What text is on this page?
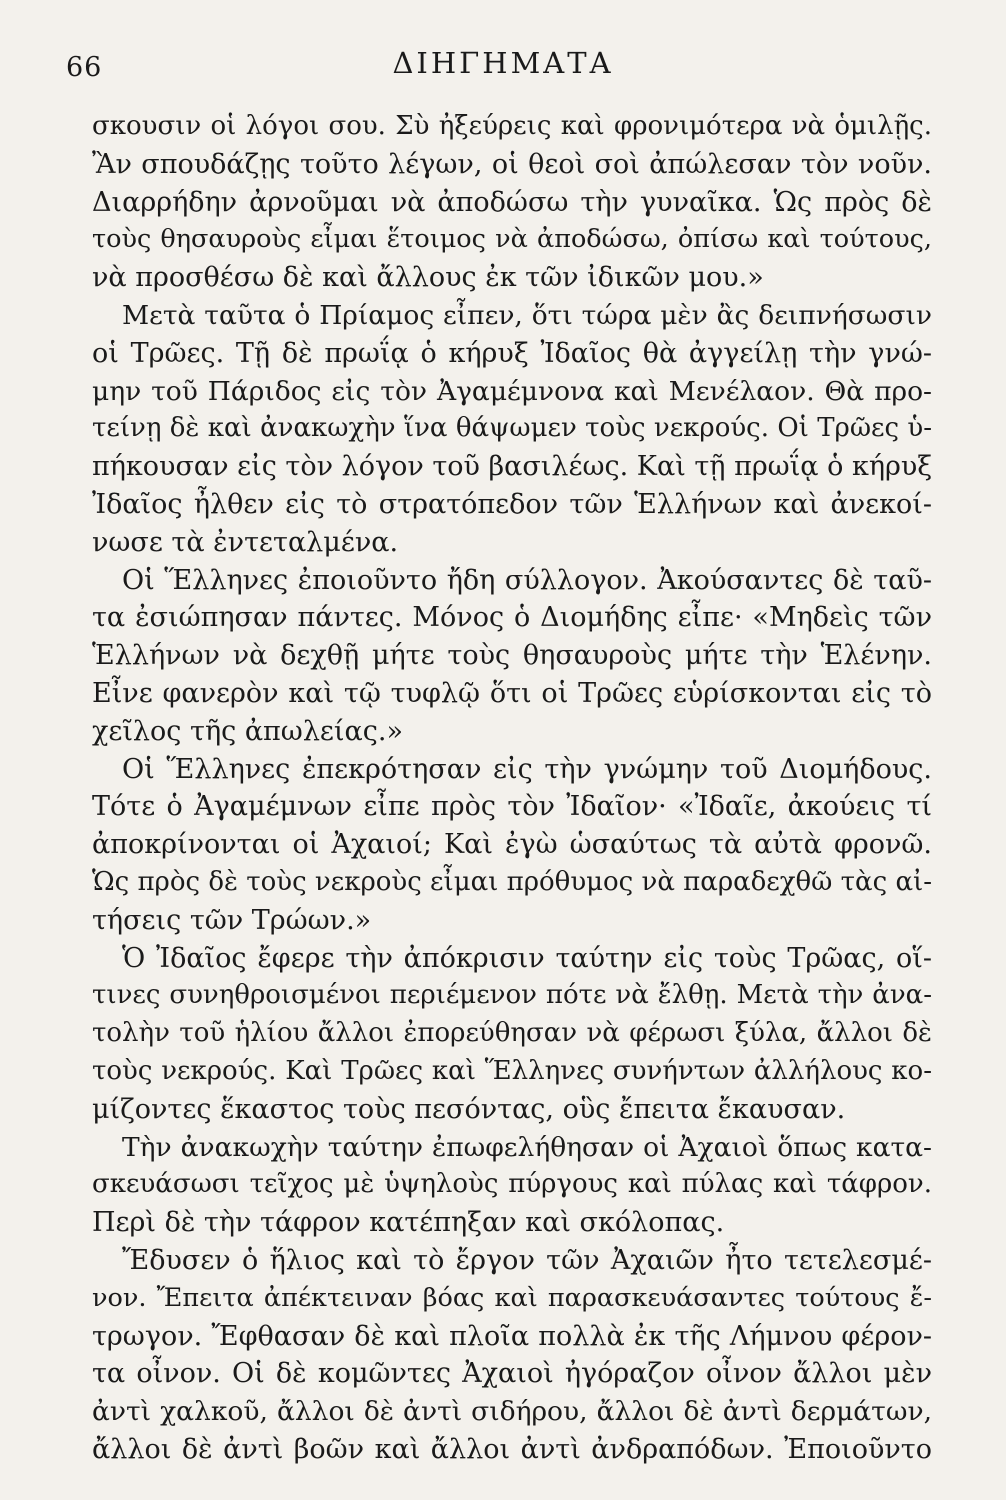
66	ΔΙΗΓΗΜΑΤΑ
σκουσιν οἱ λόγοι σου. Σὺ ἠξεύρεις καὶ φρονιμότερα νὰ ὁμιλῇς.
Ἂν σπουδάζῃς τοῦτο λέγων, οἱ θεοὶ σοὶ ἀπώλεσαν τὸν νοῦν.
Διαρρήδην ἀρνοῦμαι νὰ ἀποδώσω τὴν γυναῖκα. Ὡς πρὸς δὲ
τοὺς θησαυροὺς εἶμαι ἕτοιμος νὰ ἀποδώσω, ὀπίσω καὶ τούτους,
νὰ προσθέσω δὲ καὶ ἄλλους ἐκ τῶν ἰδικῶν μου.»
Μετὰ ταῦτα ὁ Πρίαμος εἶπεν, ὅτι τώρα μὲν ἂς δειπνήσωσιν
οἱ Τρῶες. Τῇ δὲ πρωΐᾳ ὁ κήρυξ Ἰδαῖος θὰ ἀγγείλῃ τὴν γνώ-
μην τοῦ Πάριδος εἰς τὸν Ἀγαμέμνονα καὶ Μενέλαον. Θὰ προ-
τείνῃ δὲ καὶ ἀνακωχὴν ἵνα θάψωμεν τοὺς νεκρούς. Οἱ Τρῶες ὑ-
πήκουσαν εἰς τὸν λόγον τοῦ βασιλέως. Καὶ τῇ πρωΐᾳ ὁ κήρυξ
Ἰδαῖος ἦλθεν εἰς τὸ στρατόπεδον τῶν Ἑλλήνων καὶ ἀνεκοί-
νωσε τὰ ἐντεταλμένα.
Οἱ Ἕλληνες ἐποιοῦντο ἤδη σύλλογον. Ἀκούσαντες δὲ ταῦ-
τα ἐσιώπησαν πάντες. Μόνος ὁ Διομήδης εἶπε· «Μηδεὶς τῶν
Ἑλλήνων νὰ δεχθῇ μήτε τοὺς θησαυροὺς μήτε τὴν Ἑλένην.
Εἶνε φανερὸν καὶ τῷ τυφλῷ ὅτι οἱ Τρῶες εὑρίσκονται εἰς τὸ
χεῖλος τῆς ἀπωλείας.»
Οἱ Ἕλληνες ἐπεκρότησαν εἰς τὴν γνώμην τοῦ Διομήδους.
Τότε ὁ Ἀγαμέμνων εἶπε πρὸς τὸν Ἰδαῖον· «Ἰδαῖε, ἀκούεις τί
ἀποκρίνονται οἱ Ἀχαιοί; Καὶ ἐγὼ ὡσαύτως τὰ αὐτὰ φρονῶ.
Ὡς πρὸς δὲ τοὺς νεκροὺς εἶμαι πρόθυμος νὰ παραδεχθῶ τὰς αἰ-
τήσεις τῶν Τρώων.»
Ὁ Ἰδαῖος ἔφερε τὴν ἀπόκρισιν ταύτην εἰς τοὺς Τρῶας, οἵ-
τινες συνηθροισμένοι περιέμενον πότε νὰ ἔλθῃ. Μετὰ τὴν ἀνα-
τολὴν τοῦ ἡλίου ἄλλοι ἐπορεύθησαν νὰ φέρωσι ξύλα, ἄλλοι δὲ
τοὺς νεκρούς. Καὶ Τρῶες καὶ Ἕλληνες συνήντων ἀλλήλους κο-
μίζοντες ἕκαστος τοὺς πεσόντας, οὓς ἔπειτα ἔκαυσαν.
Τὴν ἀνακωχὴν ταύτην ἐπωφελήθησαν οἱ Ἀχαιοὶ ὅπως κατα-
σκευάσωσι τεῖχος μὲ ὑψηλοὺς πύργους καὶ πύλας καὶ τάφρον.
Περὶ δὲ τὴν τάφρον κατέπηξαν καὶ σκόλοπας.
Ἔδυσεν ὁ ἥλιος καὶ τὸ ἔργον τῶν Ἀχαιῶν ἦτο τετελεσμέ-
νον. Ἔπειτα ἀπέκτειναν βόας καὶ παρασκευάσαντες τούτους ἔ-
τρωγον. Ἔφθασαν δὲ καὶ πλοῖα πολλὰ ἐκ τῆς Λήμνου φέρον-
τα οἶνον. Οἱ δὲ κομῶντες Ἀχαιοὶ ἠγόραζον οἶνον ἄλλοι μὲν
ἀντὶ χαλκοῦ, ἄλλοι δὲ ἀντὶ σιδήρου, ἄλλοι δὲ ἀντὶ δερμάτων,
ἄλλοι δὲ ἀντὶ βοῶν καὶ ἄλλοι ἀντὶ ἀνδραπόδων. Ἐποιοῦντο
